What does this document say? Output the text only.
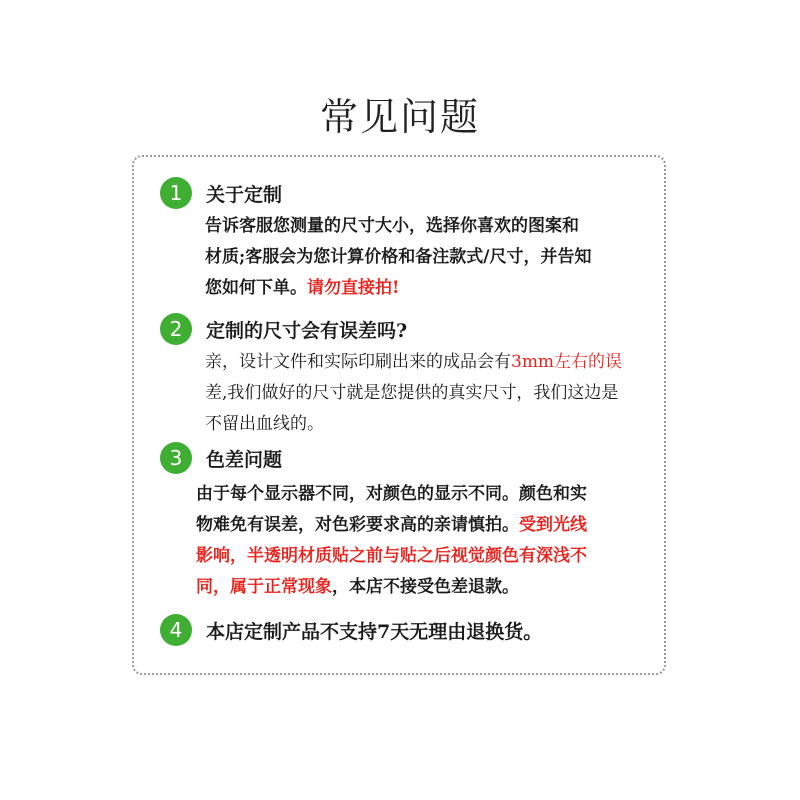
常见问题
1	关于定制
告诉客服您测量的尺寸大小，选择你喜欢的图案和
材质;客服会为您计算价格和备注款式/尺寸，并告知
您如何下单。请勿直接拍!
2	定制的尺寸会有误差吗?
亲，设计文件和实际印刷出来的成品会有3mm左右的误
差,我们做好的尺寸就是您提供的真实尺寸，我们这边是
不留出血线的。
3	色差问题
由于每个显示器不同，对颜色的显示不同。颜色和实
物难免有误差，对色彩要求高的亲请慎拍。受到光线
影响，半透明材质贴之前与贴之后视觉颜色有深浅不
同，属于正常现象，本店不接受色差退款。
4	本店定制产品不支持7天无理由退换货。
